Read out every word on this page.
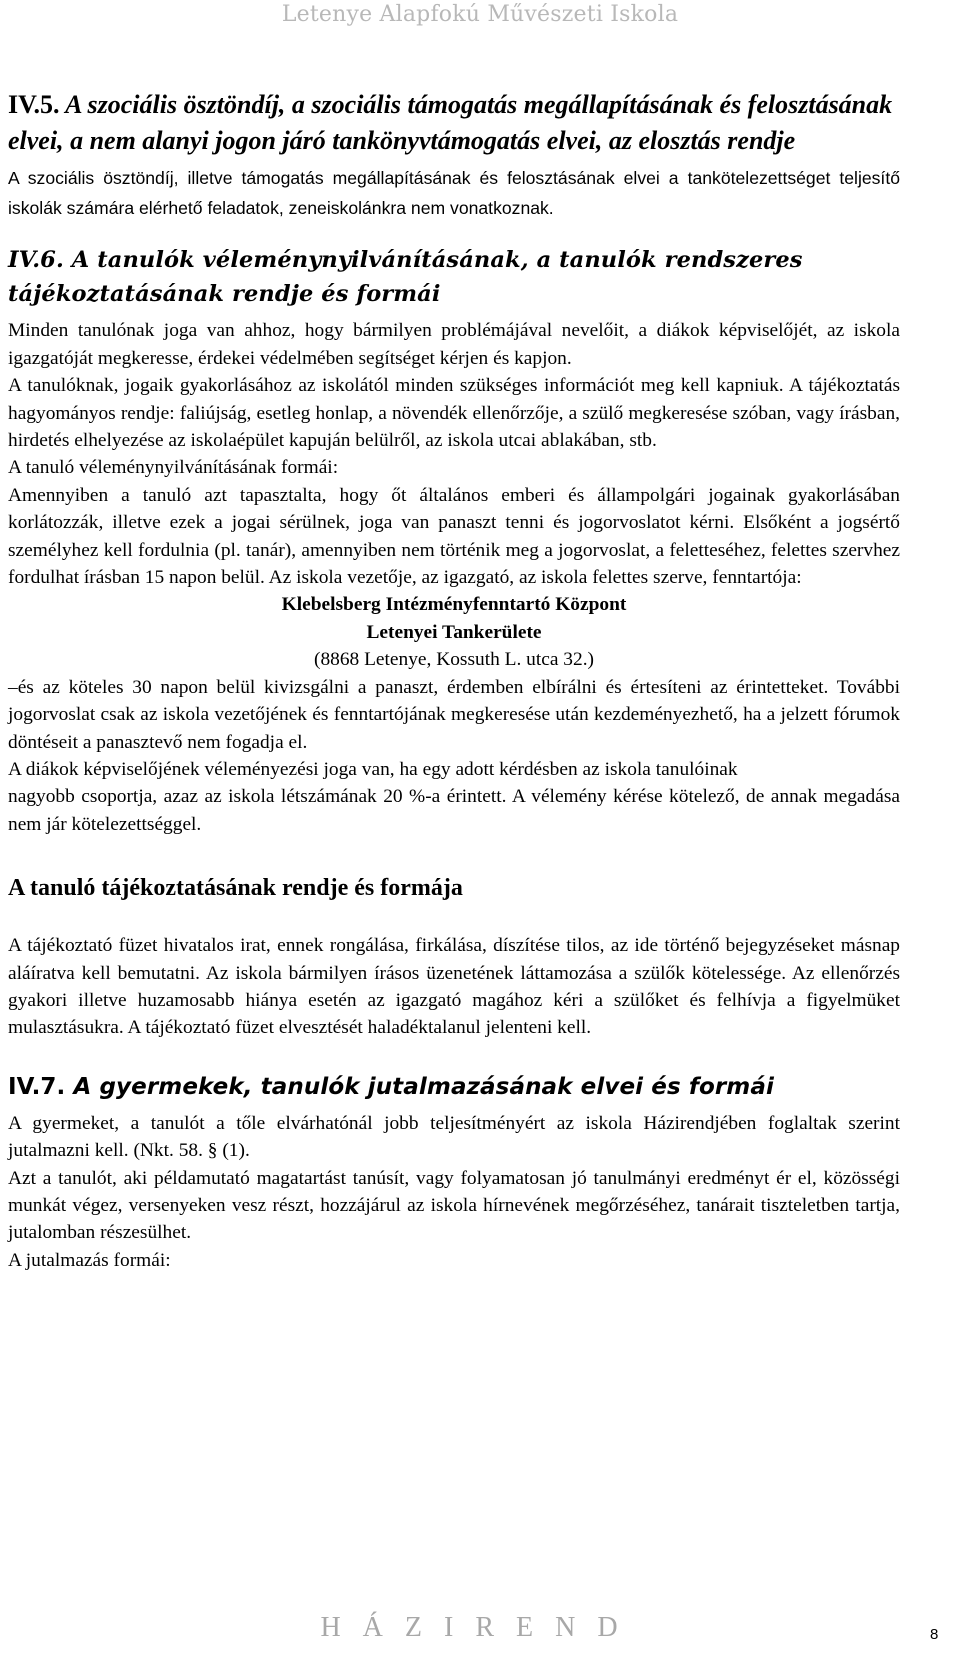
Letenye Alapfokú Művészeti Iskola
IV.5. A szociális ösztöndíj, a szociális támogatás megállapításának és felosztásának elvei, a nem alanyi jogon járó tankönyvtámogatás elvei, az elosztás rendje

A szociális ösztöndíj, illetve támogatás megállapításának és felosztásának elvei a tankötelezettséget teljesítő iskolák számára elérhető feladatok, zeneiskolánkra nem vonatkoznak.

IV.6. A tanulók véleménynyilvánításának, a tanulók rendszeres tájékoztatásának rendje és formái

Minden tanulónak joga van ahhoz, hogy bármilyen problémájával nevelőit, a diákok képviselőjét, az iskola igazgatóját megkeresse, érdekei védelmében segítséget kérjen és kapjon.

A tanulóknak, jogaik gyakorlásához az iskolától minden szükséges információt meg kell kapniuk. A tájékoztatás hagyományos rendje: faliújság, esetleg honlap, a növendék ellenőrzője, a szülő megkeresése szóban, vagy írásban, hirdetés elhelyezése az iskolaépület kapuján belülről, az iskola utcai ablakában, stb.

A tanuló véleménynyilvánításának formái:

Amennyiben a tanuló azt tapasztalta, hogy őt általános emberi és állampolgári jogainak gyakorlásában korlátozzák, illetve ezek a jogai sérülnek, joga van panaszt tenni és jogorvoslatot kérni. Elsőként a jogsértő személyhez kell fordulnia (pl. tanár), amennyiben nem történik meg a jogorvoslat, a feletteséhez, felettes szervhez fordulhat írásban 15 napon belül. Az iskola vezetője, az igazgató, az iskola felettes szerve, fenntartója:

Klebelsberg Intézményfenntartó Központ

Letenyei Tankerülete

(8868 Letenye, Kossuth L. utca 32.)

–és az köteles 30 napon belül kivizsgálni a panaszt, érdemben elbírálni és értesíteni az érintetteket. További jogorvoslat csak az iskola vezetőjének és fenntartójának megkeresése után kezdeményezhető, ha a jelzett fórumok döntéseit a panasztevő nem fogadja el.

A diákok képviselőjének véleményezési joga van, ha egy adott kérdésben az iskola tanulóinak

nagyobb csoportja, azaz az iskola létszámának 20 %-a érintett. A vélemény kérése kötelező, de annak megadása nem jár kötelezettséggel.

A tanuló tájékoztatásának rendje és formája

A tájékoztató füzet hivatalos irat, ennek rongálása, firkálása, díszítése tilos, az ide történő bejegyzéseket másnap aláíratva kell bemutatni. Az iskola bármilyen írásos üzenetének láttamozása a szülők kötelessége. Az ellenőrzés gyakori illetve huzamosabb hiánya esetén az igazgató magához kéri a szülőket és felhívja a figyelmüket mulasztásukra. A tájékoztató füzet elvesztését haladéktalanul jelenteni kell.

IV.7. A gyermekek, tanulók jutalmazásának elvei és formái

A gyermeket, a tanulót a tőle elvárhatónál jobb teljesítményért az iskola Házirendjében foglaltak szerint jutalmazni kell. (Nkt. 58. § (1).

Azt a tanulót, aki példamutató magatartást tanúsít, vagy folyamatosan jó tanulmányi eredményt ér el, közösségi munkát végez, versenyeken vesz részt, hozzájárul az iskola hírnevének megőrzéséhez, tanárait tiszteletben tartja, jutalomban részesülhet.

A jutalmazás formái:

HÁZIREND	8
